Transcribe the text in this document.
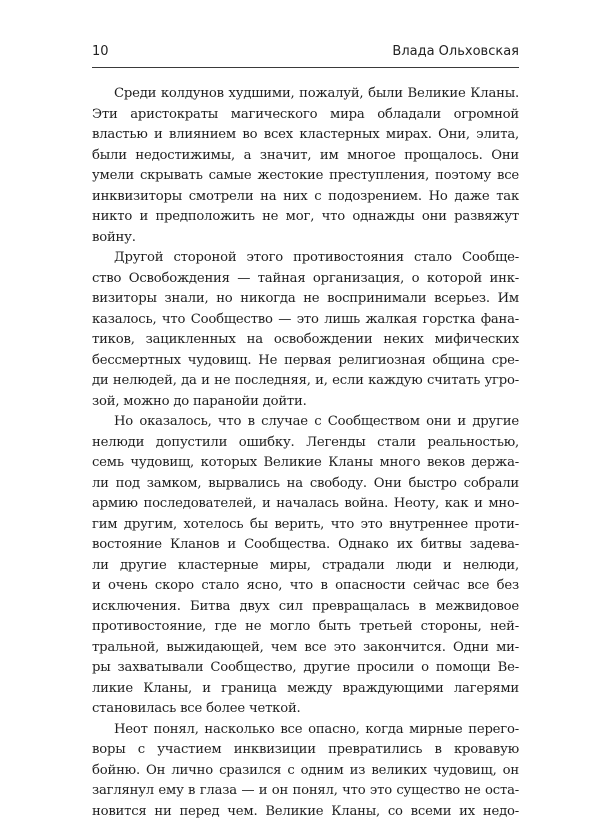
10	Влада Ольховская
Среди колдунов худшими, пожалуй, были Великие Кланы.
Эти аристократы магического мира обладали огромной
властью и влиянием во всех кластерных мирах. Они, элита,
были недостижимы, а значит, им многое прощалось. Они
умели скрывать самые жестокие преступления, поэтому все
инквизиторы смотрели на них с подозрением. Но даже так
никто и предположить не мог, что однажды они развяжут
войну.
Другой стороной этого противостояния стало Сообще-
ство Освобождения — тайная организация, о которой инк-
визиторы знали, но никогда не воспринимали всерьез. Им
казалось, что Сообщество — это лишь жалкая горстка фана-
тиков, зацикленных на освобождении неких мифических
бессмертных чудовищ. Не первая религиозная община сре-
ди нелюдей, да и не последняя, и, если каждую считать угро-
зой, можно до паранойи дойти.
Но оказалось, что в случае с Сообществом они и другие
нелюди допустили ошибку. Легенды стали реальностью,
семь чудовищ, которых Великие Кланы много веков держа-
ли под замком, вырвались на свободу. Они быстро собрали
армию последователей, и началась война. Неоту, как и мно-
гим другим, хотелось бы верить, что это внутреннее проти-
востояние Кланов и Сообщества. Однако их битвы задева-
ли другие кластерные миры, страдали люди и нелюди,
и очень скоро стало ясно, что в опасности сейчас все без
исключения. Битва двух сил превращалась в межвидовое
противостояние, где не могло быть третьей стороны, ней-
тральной, выжидающей, чем все это закончится. Одни ми-
ры захватывали Сообщество, другие просили о помощи Ве-
ликие Кланы, и граница между враждующими лагерями
становилась все более четкой.
Неот понял, насколько все опасно, когда мирные перего-
воры с участием инквизиции превратились в кровавую
бойню. Он лично сразился с одним из великих чудовищ, он
заглянул ему в глаза — и он понял, что это существо не оста-
новится ни перед чем. Великие Кланы, со всеми их недо-
